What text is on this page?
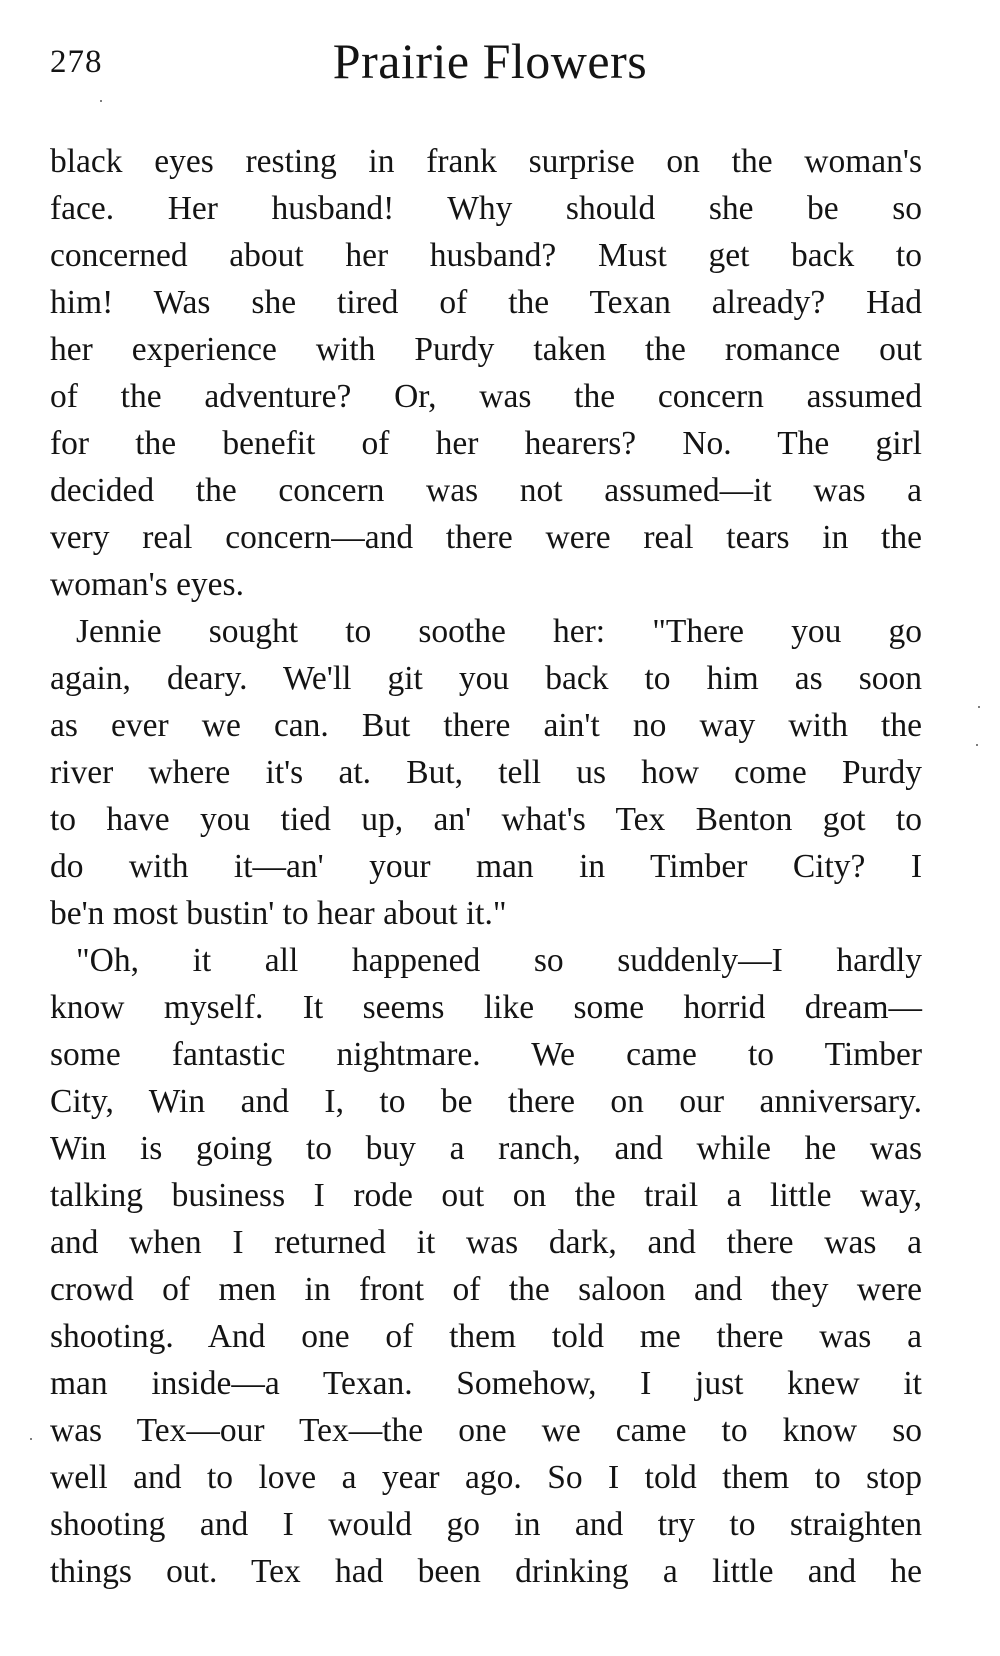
278	Prairie Flowers
black eyes resting in frank surprise on the woman's
face. Her husband! Why should she be so
concerned about her husband? Must get back to
him! Was she tired of the Texan already? Had
her experience with Purdy taken the romance out
of the adventure? Or, was the concern assumed
for the benefit of her hearers? No. The girl
decided the concern was not assumed—it was a
very real concern—and there were real tears in the
woman's eyes.
Jennie sought to soothe her: "There you go
again, deary. We'll git you back to him as soon
as ever we can. But there ain't no way with the
river where it's at. But, tell us how come Purdy
to have you tied up, an' what's Tex Benton got to
do with it—an' your man in Timber City? I
be'n most bustin' to hear about it."
"Oh, it all happened so suddenly—I hardly
know myself. It seems like some horrid dream—
some fantastic nightmare. We came to Timber
City, Win and I, to be there on our anniversary.
Win is going to buy a ranch, and while he was
talking business I rode out on the trail a little way,
and when I returned it was dark, and there was a
crowd of men in front of the saloon and they were
shooting. And one of them told me there was a
man inside—a Texan. Somehow, I just knew it
was Tex—our Tex—the one we came to know so
well and to love a year ago. So I told them to stop
shooting and I would go in and try to straighten
things out. Tex had been drinking a little and he
